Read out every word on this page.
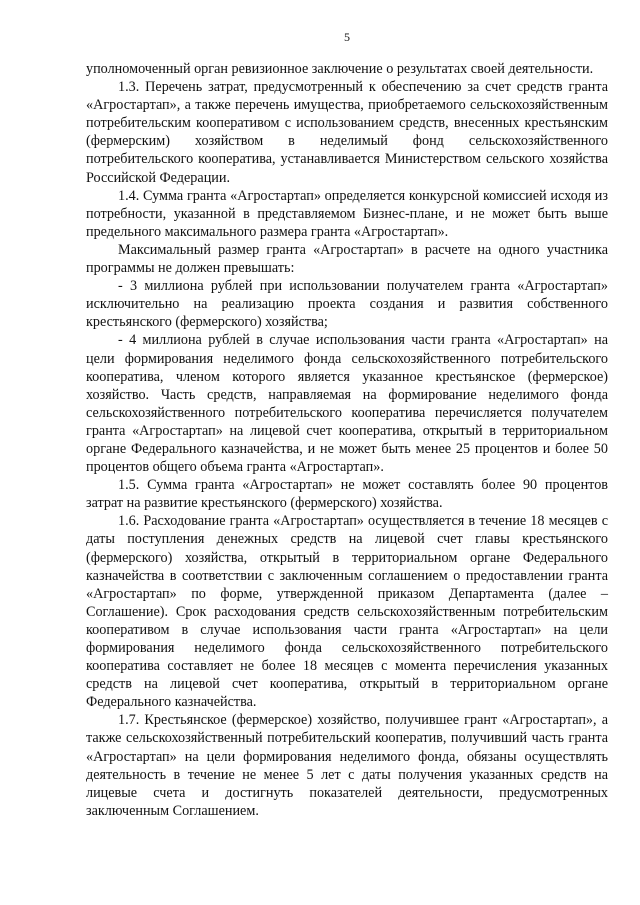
5

уполномоченный орган ревизионное заключение о результатах своей деятельности.

1.3. Перечень затрат, предусмотренный к обеспечению за счет средств гранта «Агростартап», а также перечень имущества, приобретаемого сельскохозяйственным потребительским кооперативом с использованием средств, внесенных крестьянским (фермерским) хозяйством в неделимый фонд сельскохозяйственного потребительского кооператива, устанавливается Министерством сельского хозяйства Российской Федерации.

1.4. Сумма гранта «Агростартап» определяется конкурсной комиссией исходя из потребности, указанной в представляемом Бизнес-плане, и не может быть выше предельного максимального размера гранта «Агростартап».

Максимальный размер гранта «Агростартап» в расчете на одного участника программы не должен превышать:

- 3 миллиона рублей при использовании получателем гранта «Агростартап» исключительно на реализацию проекта создания и развития собственного крестьянского (фермерского) хозяйства;

- 4 миллиона рублей в случае использования части гранта «Агростартап» на цели формирования неделимого фонда сельскохозяйственного потребительского кооператива, членом которого является указанное крестьянское (фермерское) хозяйство. Часть средств, направляемая на формирование неделимого фонда сельскохозяйственного потребительского кооператива перечисляется получателем гранта «Агростартап» на лицевой счет кооператива, открытый в территориальном органе Федерального казначейства, и не может быть менее 25 процентов и более 50 процентов общего объема гранта «Агростартап».

1.5. Сумма гранта «Агростартап» не может составлять более 90 процентов затрат на развитие крестьянского (фермерского) хозяйства.

1.6. Расходование гранта «Агростартап» осуществляется в течение 18 месяцев с даты поступления денежных средств на лицевой счет главы крестьянского (фермерского) хозяйства, открытый в территориальном органе Федерального казначейства в соответствии с заключенным соглашением о предоставлении гранта «Агростартап» по форме, утвержденной приказом Департамента (далее – Соглашение). Срок расходования средств сельскохозяйственным потребительским кооперативом в случае использования части гранта «Агростартап» на цели формирования неделимого фонда сельскохозяйственного потребительского кооператива составляет не более 18 месяцев с момента перечисления указанных средств на лицевой счет кооператива, открытый в территориальном органе Федерального казначейства.

1.7. Крестьянское (фермерское) хозяйство, получившее грант «Агростартап», а также сельскохозяйственный потребительский кооператив, получивший часть гранта «Агростартап» на цели формирования неделимого фонда, обязаны осуществлять деятельность в течение не менее 5 лет с даты получения указанных средств на лицевые счета и достигнуть показателей деятельности, предусмотренных заключенным Соглашением.
